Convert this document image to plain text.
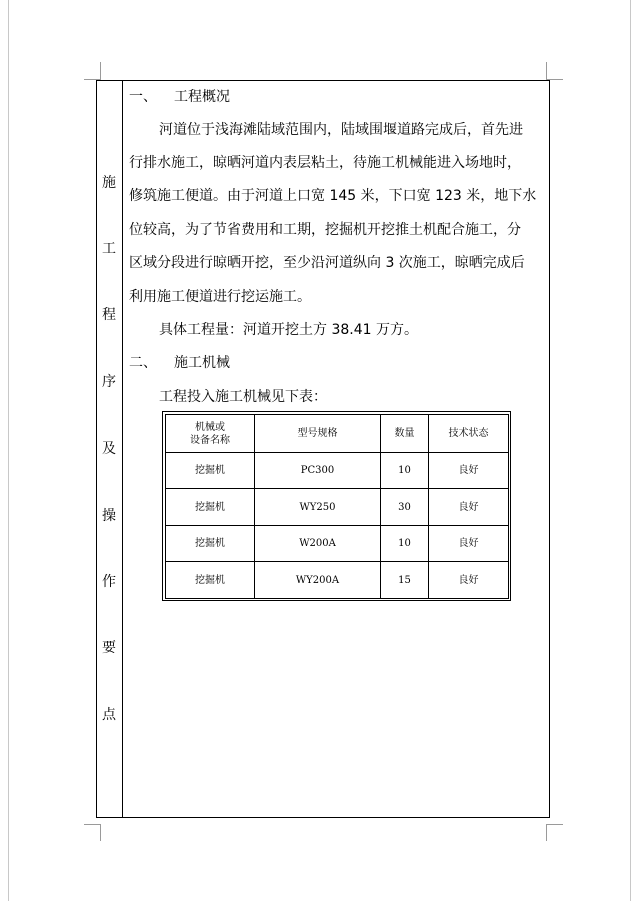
施
工
程
序
及
操
作
要
点
一、 工程概况
河道位于浅海滩陆域范围内，陆域围堰道路完成后，首先进
行排水施工，晾晒河道内表层粘土，待施工机械能进入场地时，
修筑施工便道。由于河道上口宽 145 米，下口宽 123 米，地下水
位较高，为了节省费用和工期，挖掘机开挖推土机配合施工，分
区域分段进行晾晒开挖，至少沿河道纵向 3 次施工，晾晒完成后
利用施工便道进行挖运施工。
具体工程量：河道开挖土方 38.41 万方。
二、 施工机械
工程投入施工机械见下表：
机械或
设备名称	型号规格	数量	技术状态
挖掘机	PC300	10	良好
挖掘机	WY250	30	良好
挖掘机	W200A	10	良好
挖掘机	WY200A	15	良好
